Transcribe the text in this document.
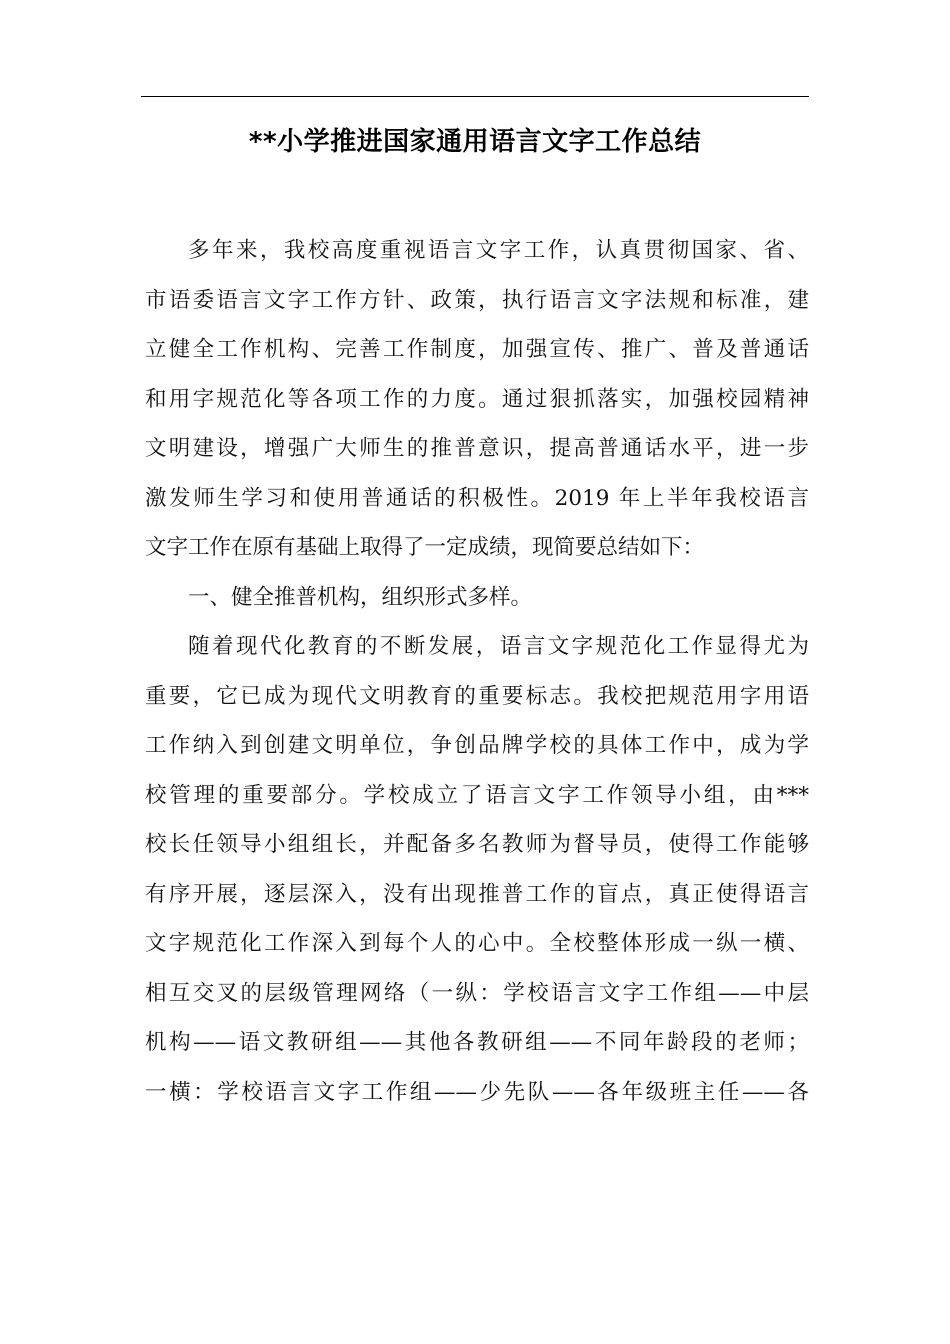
**小学推进国家通用语言文字工作总结
多年来，我校高度重视语言文字工作，认真贯彻国家、省、
市语委语言文字工作方针、政策，执行语言文字法规和标准，建
立健全工作机构、完善工作制度，加强宣传、推广、普及普通话
和用字规范化等各项工作的力度。通过狠抓落实，加强校园精神
文明建设，增强广大师生的推普意识，提高普通话水平，进一步
激发师生学习和使用普通话的积极性。2019 年上半年我校语言
文字工作在原有基础上取得了一定成绩，现简要总结如下：
一、健全推普机构，组织形式多样。
随着现代化教育的不断发展，语言文字规范化工作显得尤为
重要，它已成为现代文明教育的重要标志。我校把规范用字用语
工作纳入到创建文明单位，争创品牌学校的具体工作中，成为学
校管理的重要部分。学校成立了语言文字工作领导小组，由***
校长任领导小组组长，并配备多名教师为督导员，使得工作能够
有序开展，逐层深入，没有出现推普工作的盲点，真正使得语言
文字规范化工作深入到每个人的心中。全校整体形成一纵一横、
相互交叉的层级管理网络（一纵：学校语言文字工作组——中层
机构——语文教研组——其他各教研组——不同年龄段的老师；
一横：学校语言文字工作组——少先队——各年级班主任——各
